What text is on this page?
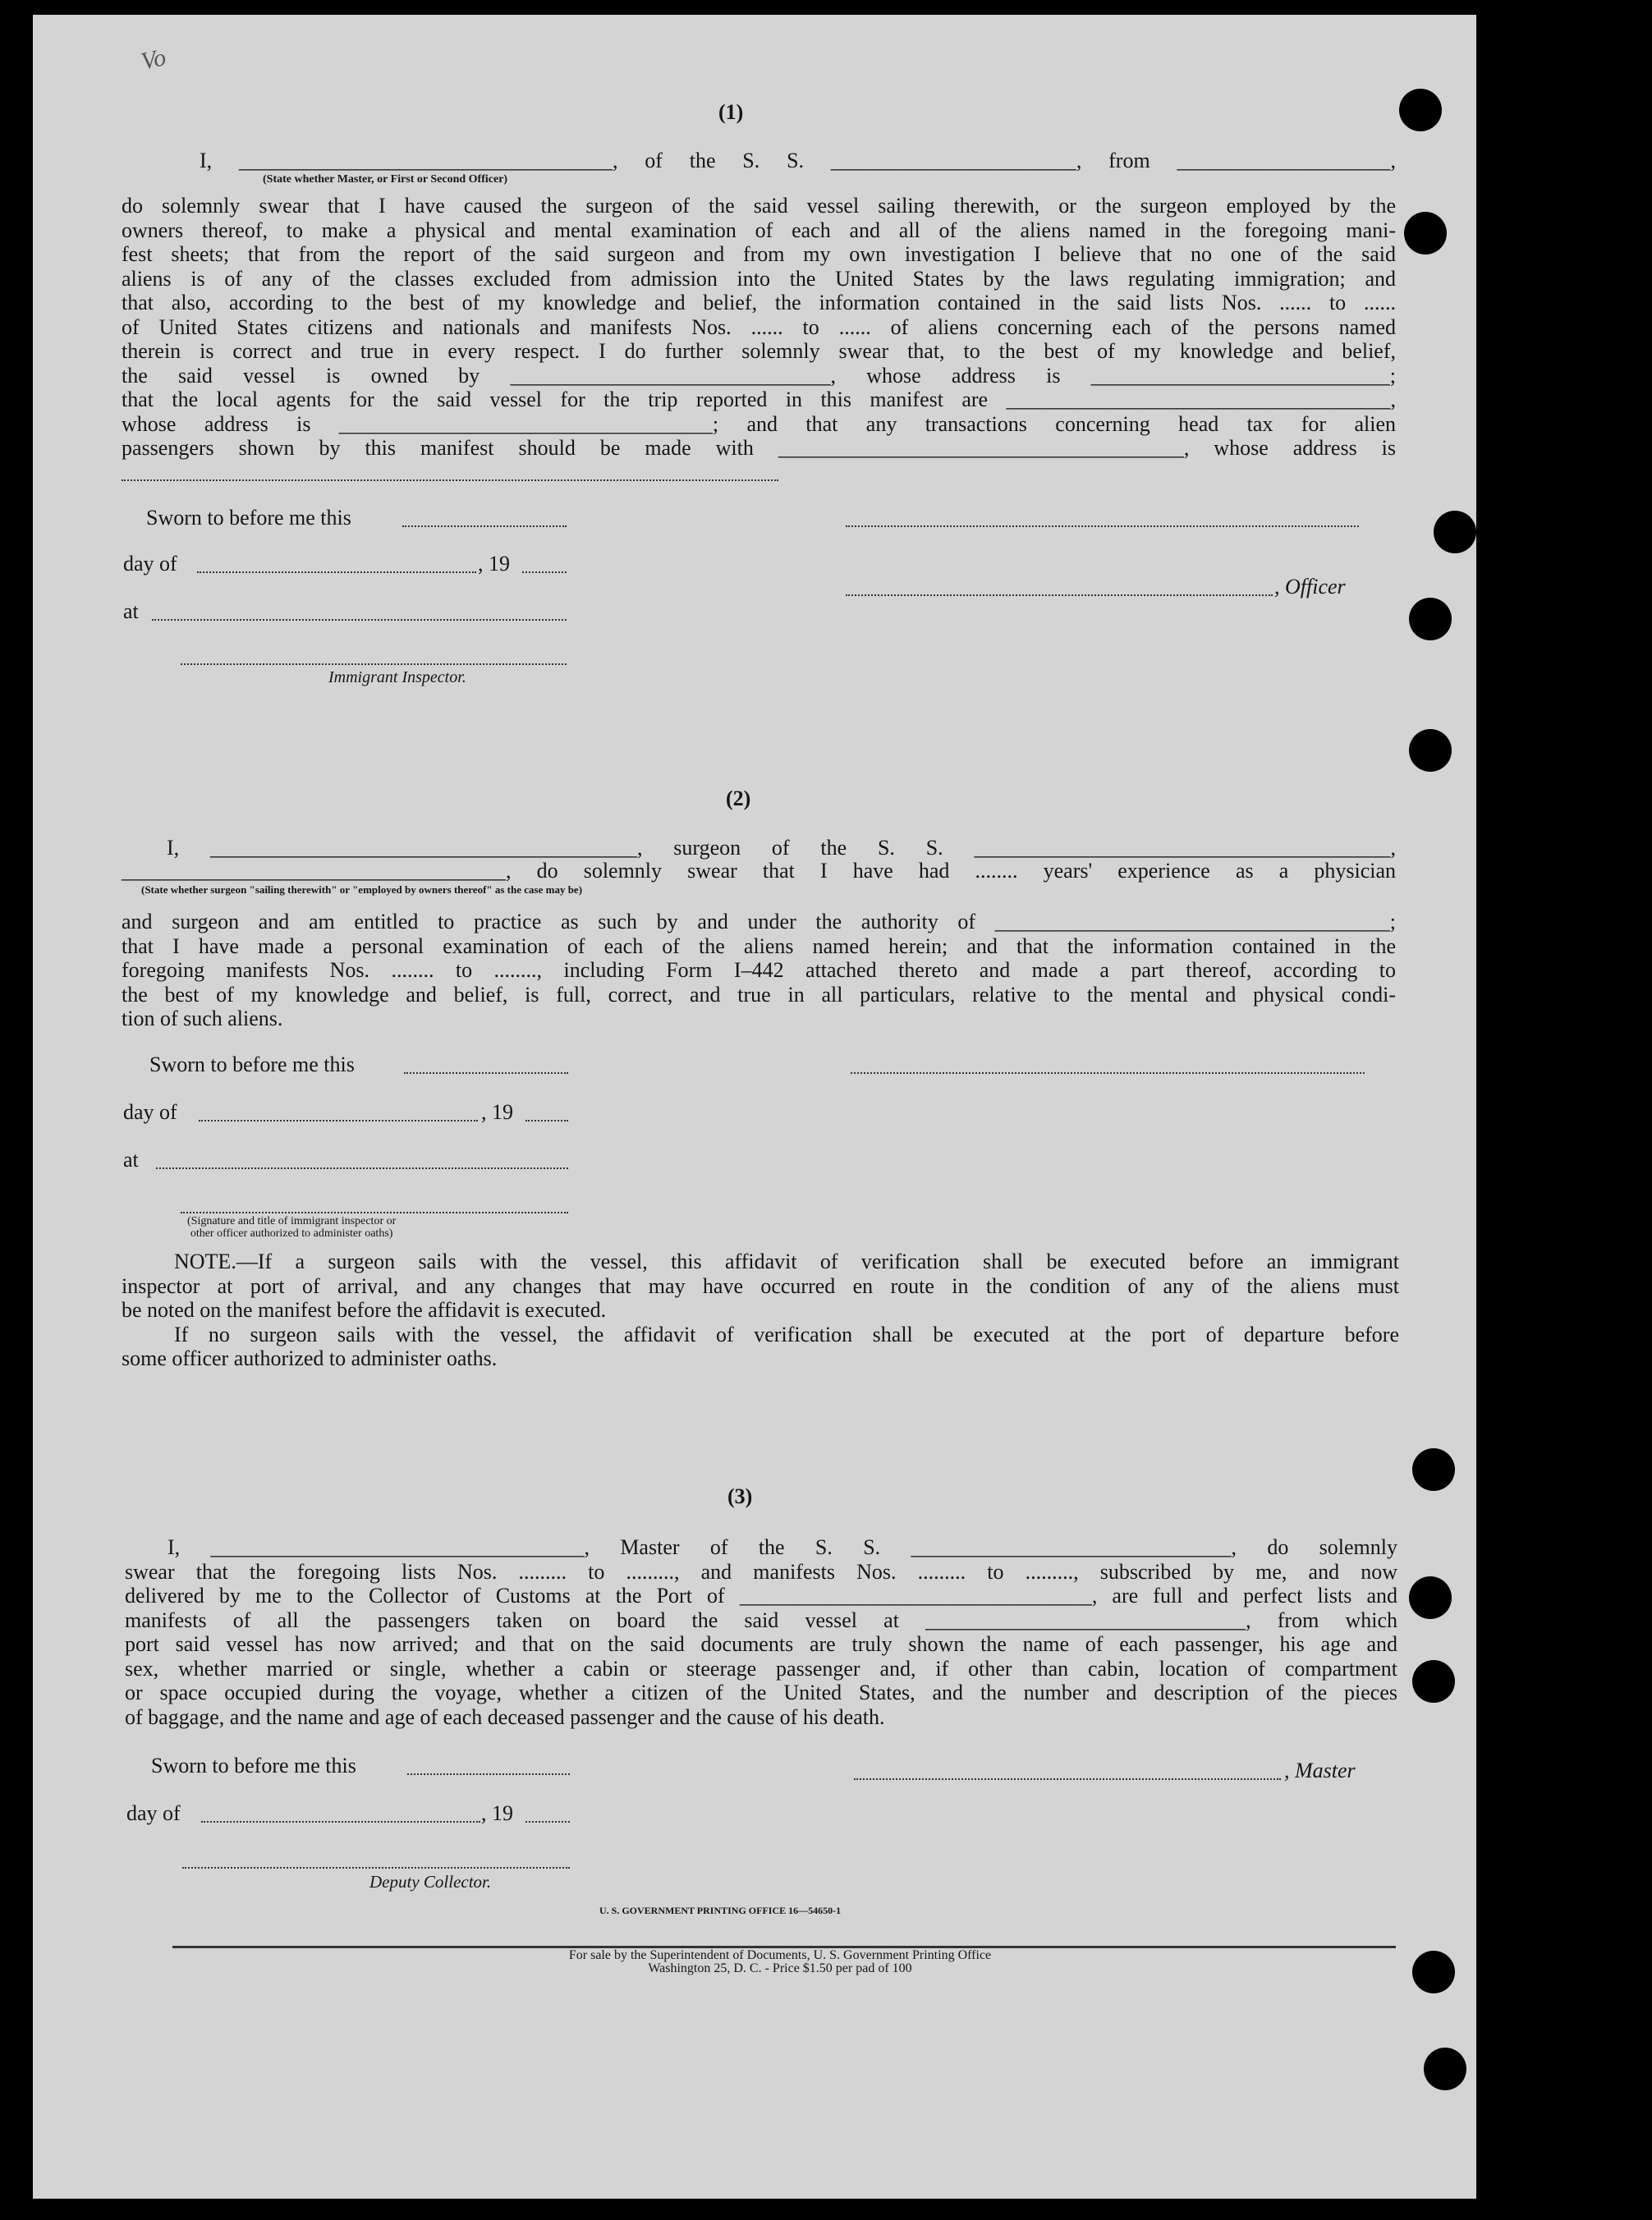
Vo
(1)
I, ___________________________________, of the S. S. _______________________, from ____________________,
(State whether Master, or First or Second Officer)
do solemnly swear that I have caused the surgeon of the said vessel sailing therewith, or the surgeon employed by the
owners thereof, to make a physical and mental examination of each and all of the aliens named in the foregoing mani-
fest sheets; that from the report of the said surgeon and from my own investigation I believe that no one of the said
aliens is of any of the classes excluded from admission into the United States by the laws regulating immigration; and
that also, according to the best of my knowledge and belief, the information contained in the said lists Nos. ...... to ......
of United States citizens and nationals and manifests Nos. ...... to ...... of aliens concerning each of the persons named
therein is correct and true in every respect. I do further solemnly swear that, to the best of my knowledge and belief,
the said vessel is owned by ______________________________, whose address is ____________________________;
that the local agents for the said vessel for the trip reported in this manifest are ____________________________________,
whose address is ___________________________________; and that any transactions concerning head tax for alien
passengers shown by this manifest should be made with ______________________________________, whose address is
Sworn to before me this
day of	, 19
at
Immigrant Inspector.
, Officer
(2)
I, ________________________________________, surgeon of the S. S. _______________________________________,
____________________________________, do solemnly swear that I have had ........ years' experience as a physician
(State whether surgeon "sailing therewith" or "employed by owners thereof" as the case may be)
and surgeon and am entitled to practice as such by and under the authority of _____________________________________;
that I have made a personal examination of each of the aliens named herein; and that the information contained in the
foregoing manifests Nos. ........ to ........, including Form I–442 attached thereto and made a part thereof, according to
the best of my knowledge and belief, is full, correct, and true in all particulars, relative to the mental and physical condi-
tion of such aliens.
Sworn to before me this
day of	, 19
at
(Signature and title of immigrant inspector or
other officer authorized to administer oaths)
NOTE.—If a surgeon sails with the vessel, this affidavit of verification shall be executed before an immigrant
inspector at port of arrival, and any changes that may have occurred en route in the condition of any of the aliens must
be noted on the manifest before the affidavit is executed.
If no surgeon sails with the vessel, the affidavit of verification shall be executed at the port of departure before
some officer authorized to administer oaths.
(3)
I, ___________________________________, Master of the S. S. ______________________________, do solemnly
swear that the foregoing lists Nos. ......... to ........., and manifests Nos. ......... to ........., subscribed by me, and now
delivered by me to the Collector of Customs at the Port of _________________________________, are full and perfect lists and
manifests of all the passengers taken on board the said vessel at ______________________________, from which
port said vessel has now arrived; and that on the said documents are truly shown the name of each passenger, his age and
sex, whether married or single, whether a cabin or steerage passenger and, if other than cabin, location of compartment
or space occupied during the voyage, whether a citizen of the United States, and the number and description of the pieces
of baggage, and the name and age of each deceased passenger and the cause of his death.
Sworn to before me this
day of	, 19
Deputy Collector.
, Master
U. S. GOVERNMENT PRINTING OFFICE 16—54650-1
For sale by the Superintendent of Documents, U. S. Government Printing Office
Washington 25, D. C. - Price $1.50 per pad of 100
